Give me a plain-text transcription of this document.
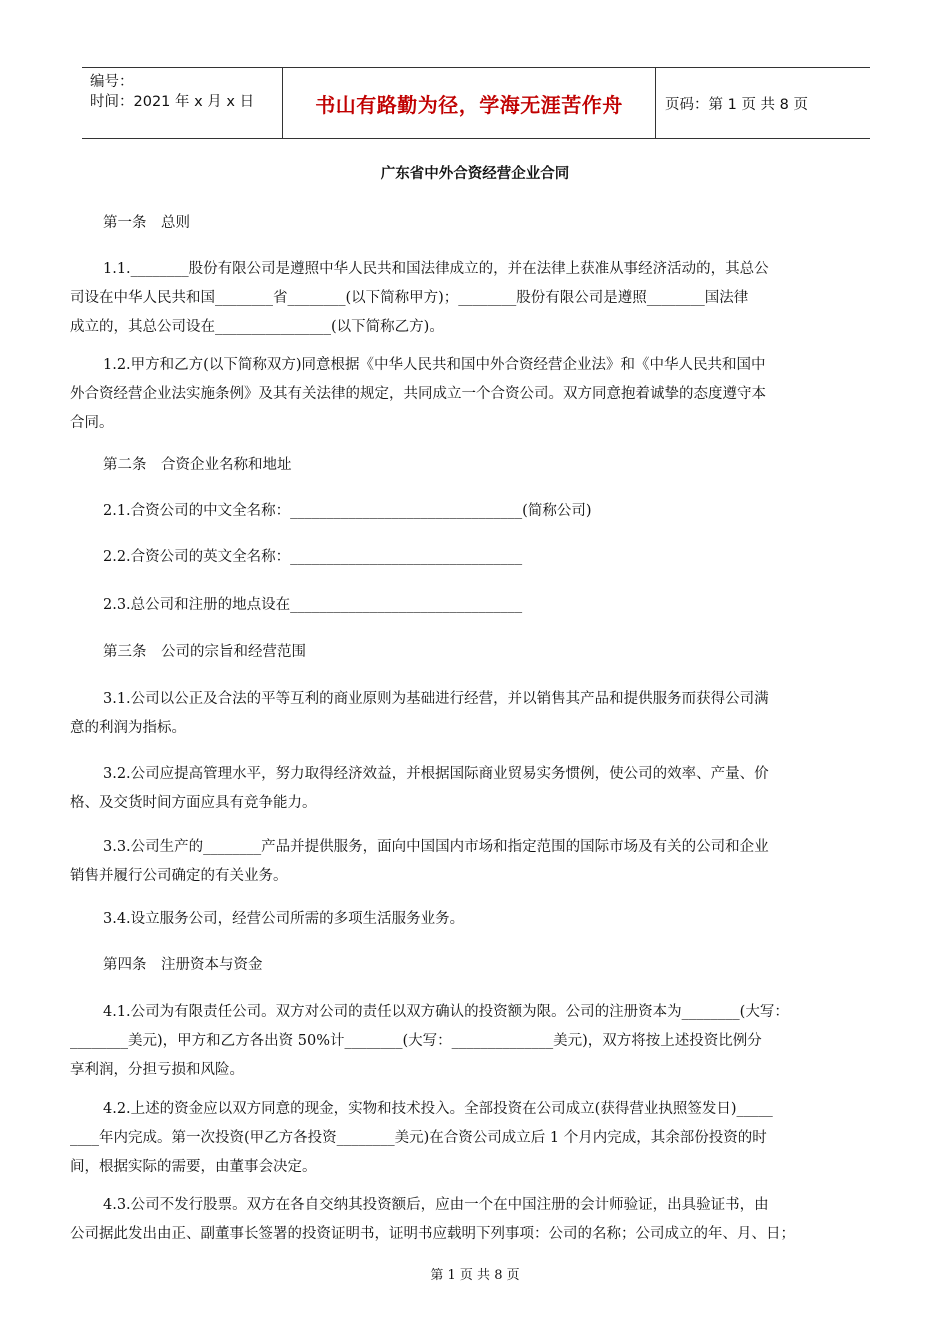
编号：
时间：2021 年 x 月 x 日	书山有路勤为径，学海无涯苦作舟	页码：第 1 页 共 8 页
广东省中外合资经营企业合同
第一条　总则
1.1.________股份有限公司是遵照中华人民共和国法律成立的，并在法律上获准从事经济活动的，其总公
司设在中华人民共和国________省________(以下简称甲方)；________股份有限公司是遵照________国法律
成立的，其总公司设在________________(以下简称乙方)。
1.2.甲方和乙方(以下简称双方)同意根据《中华人民共和国中外合资经营企业法》和《中华人民共和国中
外合资经营企业法实施条例》及其有关法律的规定，共同成立一个合资公司。双方同意抱着诚挚的态度遵守本
合同。
第二条　合资企业名称和地址
2.1.合资公司的中文全名称：________________________________(简称公司)
2.2.合资公司的英文全名称：________________________________
2.3.总公司和注册的地点设在________________________________
第三条　公司的宗旨和经营范围
3.1.公司以公正及合法的平等互利的商业原则为基础进行经营，并以销售其产品和提供服务而获得公司满
意的利润为指标。
3.2.公司应提高管理水平，努力取得经济效益，并根据国际商业贸易实务惯例，使公司的效率、产量、价
格、及交货时间方面应具有竞争能力。
3.3.公司生产的________产品并提供服务，面向中国国内市场和指定范围的国际市场及有关的公司和企业
销售并履行公司确定的有关业务。
3.4.设立服务公司，经营公司所需的多项生活服务业务。
第四条　注册资本与资金
4.1.公司为有限责任公司。双方对公司的责任以双方确认的投资额为限。公司的注册资本为________(大写：
________美元)，甲方和乙方各出资 50%计________(大写：______________美元)，双方将按上述投资比例分
享利润，分担亏损和风险。
4.2.上述的资金应以双方同意的现金，实物和技术投入。全部投资在公司成立(获得营业执照签发日)_____
____年内完成。第一次投资(甲乙方各投资________美元)在合资公司成立后 1 个月内完成，其余部份投资的时
间，根据实际的需要，由董事会决定。
4.3.公司不发行股票。双方在各自交纳其投资额后，应由一个在中国注册的会计师验证，出具验证书，由
公司据此发出由正、副董事长签署的投资证明书，证明书应载明下列事项：公司的名称；公司成立的年、月、日；
第 1 页 共 8 页
